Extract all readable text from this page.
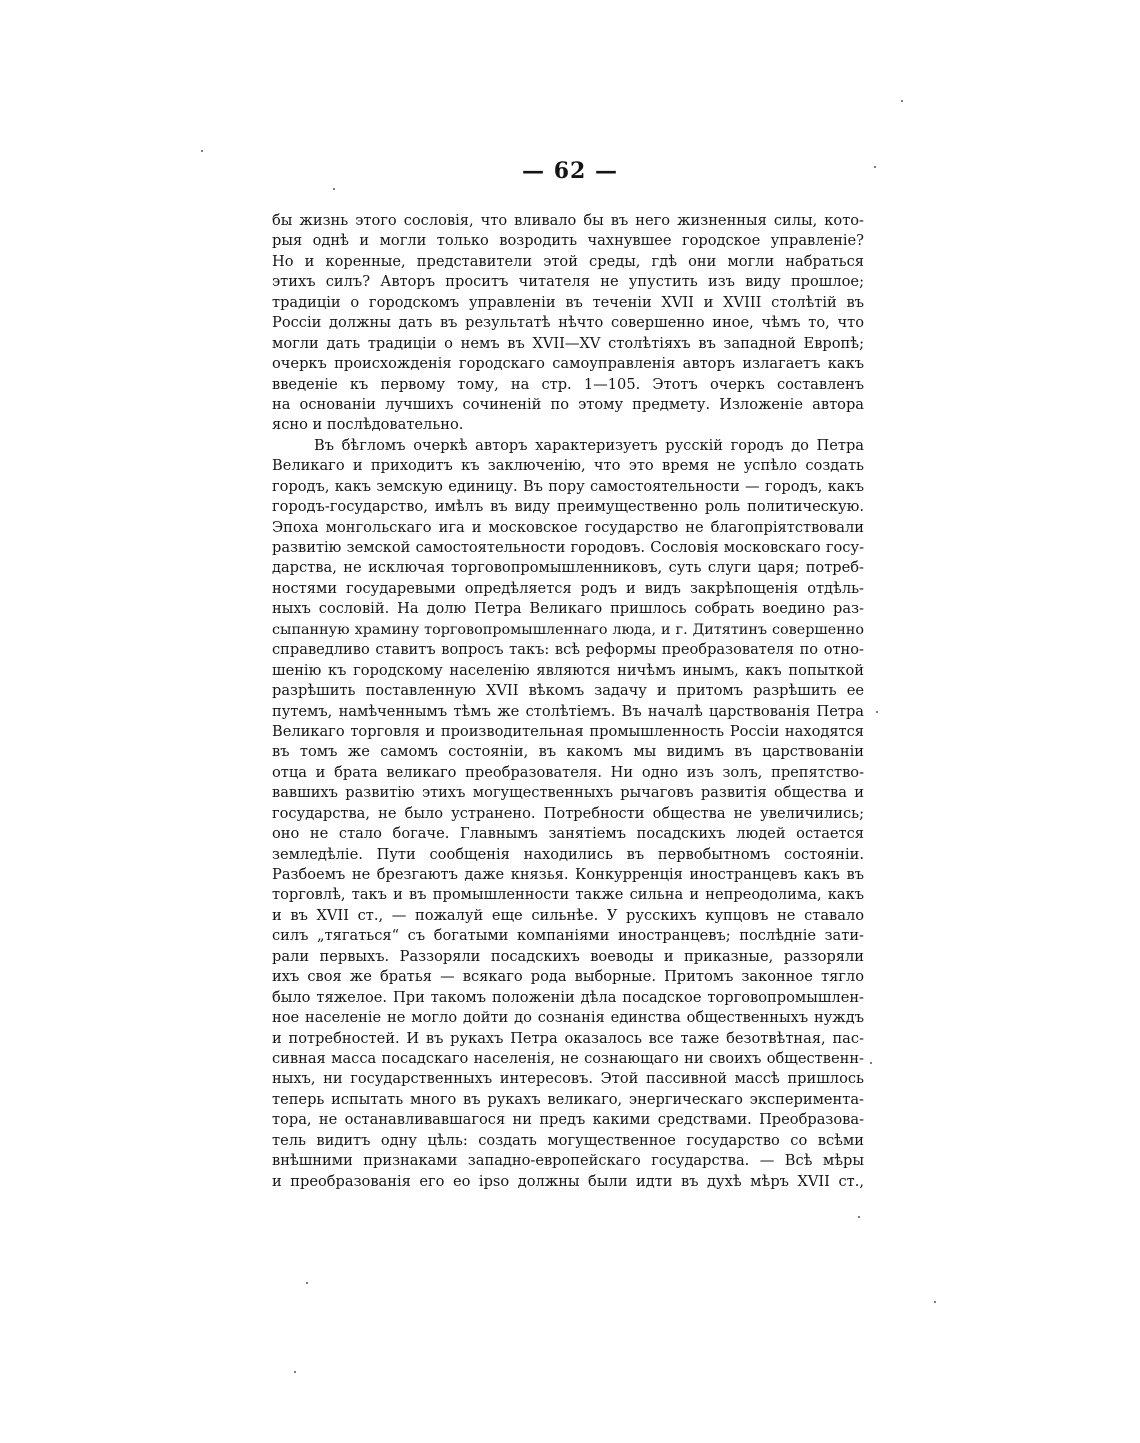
— 62 —
бы жизнь этого сословія, что вливало бы въ него жизненныя силы, кото-
рыя однѣ и могли только возродить чахнувшее городское управленіе?
Но и коренные, представители этой среды, гдѣ они могли набраться
этихъ силъ? Авторъ проситъ читателя не упустить изъ виду прошлое;
традиціи о городскомъ управленіи въ теченіи XVII и XVIII столѣтій въ
Россіи должны дать въ результатѣ нѣчто совершенно иное, чѣмъ то, что
могли дать традиціи о немъ въ XVII—XV столѣтіяхъ въ западной Европѣ;
очеркъ происхожденія городскаго самоуправленія авторъ излагаетъ какъ
введеніе къ первому тому, на стр. 1—105. Этотъ очеркъ составленъ
на основаніи лучшихъ сочиненій по этому предмету. Изложеніе автора
ясно и послѣдовательно.
Въ бѣгломъ очеркѣ авторъ характеризуетъ русскій городъ до Петра
Великаго и приходитъ къ заключенію, что это время не успѣло создать
городъ, какъ земскую единицу. Въ пору самостоятельности — городъ, какъ
городъ-государство, имѣлъ въ виду преимущественно роль политическую.
Эпоха монгольскаго ига и московское государство не благопріятствовали
развитію земской самостоятельности городовъ. Сословія московскаго госу-
дарства, не исключая торговопромышленниковъ, суть слуги царя; потреб-
ностями государевыми опредѣляется родъ и видъ закрѣпощенія отдѣль-
ныхъ сословій. На долю Петра Великаго пришлось собрать воедино раз-
сыпанную храмину торговопромышленнаго люда, и г. Дитятинъ совершенно
справедливо ставитъ вопросъ такъ: всѣ реформы преобразователя по отно-
шенію къ городскому населенію являются ничѣмъ инымъ, какъ попыткой
разрѣшить поставленную XVII вѣкомъ задачу и притомъ разрѣшить ее
путемъ, намѣченнымъ тѣмъ же столѣтіемъ. Въ началѣ царствованія Петра
Великаго торговля и производительная промышленность Россіи находятся
въ томъ же самомъ состояніи, въ какомъ мы видимъ въ царствованіи
отца и брата великаго преобразователя. Ни одно изъ золъ, препятство-
вавшихъ развитію этихъ могущественныхъ рычаговъ развитія общества и
государства, не было устранено. Потребности общества не увеличились;
оно не стало богаче. Главнымъ занятіемъ посадскихъ людей остается
земледѣліе. Пути сообщенія находились въ первобытномъ состояніи.
Разбоемъ не брезгаютъ даже князья. Конкурренція иностранцевъ какъ въ
торговлѣ, такъ и въ промышленности также сильна и непреодолима, какъ
и въ XVII ст., — пожалуй еще сильнѣе. У русскихъ купцовъ не ставало
силъ „тягаться“ съ богатыми компаніями иностранцевъ; послѣдніе зати-
рали первыхъ. Раззоряли посадскихъ воеводы и приказные, раззоряли
ихъ своя же братья — всякаго рода выборные. Притомъ законное тягло
было тяжелое. При такомъ положеніи дѣла посадское торговопромышлен-
ное населеніе не могло дойти до сознанія единства общественныхъ нуждъ
и потребностей. И въ рукахъ Петра оказалось все таже безотвѣтная, пас-
сивная масса посадскаго населенія, не сознающаго ни своихъ общественн-
ныхъ, ни государственныхъ интересовъ. Этой пассивной массѣ пришлось
теперь испытать много въ рукахъ великаго, энергическаго эксперимента-
тора, не останавливавшагося ни предъ какими средствами. Преобразова-
тель видитъ одну цѣль: создать могущественное государство со всѣми
внѣшними признаками западно-европейскаго государства. — Всѣ мѣры
и преобразованія его eo ipso должны были идти въ духѣ мѣръ XVII ст.,
